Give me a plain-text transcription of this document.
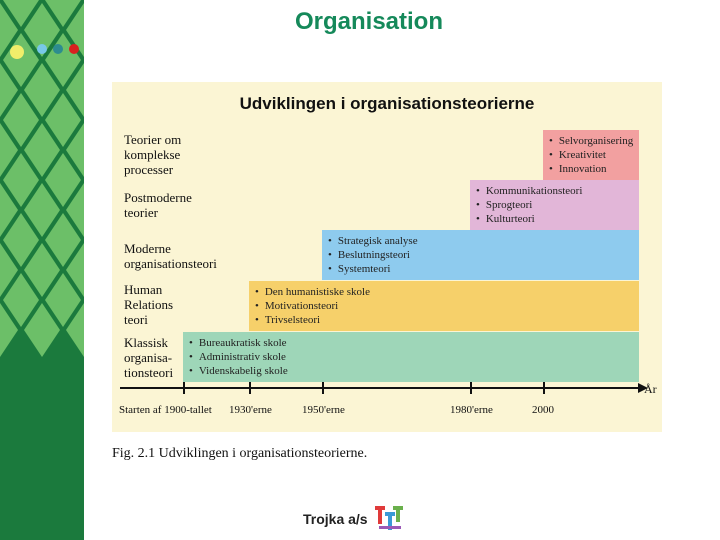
Organisation
Udviklingen i organisationsteorierne
Teorier om
komplekse
processer
Postmoderne
teorier
Moderne
organisationsteori
Human
Relations
teori
Klassisk
organisa-
tionsteori
• Selvorganisering
• Kreativitet
• Innovation
• Kommunikationsteori
• Sprogteori
• Kulturteori
• Strategisk analyse
• Beslutningsteori
• Systemteori
• Den humanistiske skole
• Motivationsteori
• Trivselsteori
• Bureaukratisk skole
• Administrativ skole
• Videnskabelig skole
År
Starten af 1900-tallet 1930'erne	1950'erne	1980'erne	2000
Fig. 2.1 Udviklingen i organisationsteorierne.
Trojka a/s
